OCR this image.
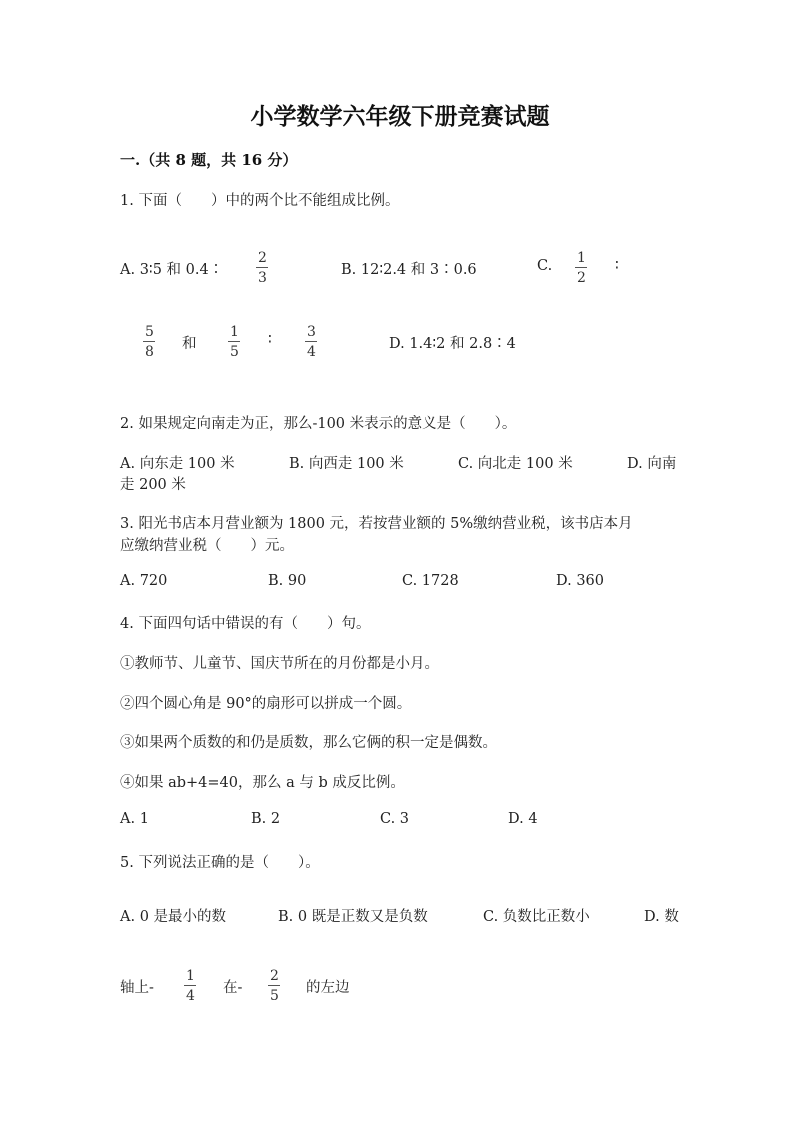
小学数学六年级下册竞赛试题
一.（共 8 题，共 16 分）
1. 下面（　　）中的两个比不能组成比例。
A. 3∶5 和 0.4∶
2
3	B. 12∶2.4 和 3∶0.6	C. 1
2
∶
5
8 和
1
5
∶	3
4	D. 1.4∶2 和 2.8∶4
2. 如果规定向南走为正，那么-100 米表示的意义是（　　）。
A. 向东走 100 米	B. 向西走 100 米	C. 向北走 100 米	D. 向南
走 200 米
3. 阳光书店本月营业额为 1800 元，若按营业额的 5%缴纳营业税，该书店本月
应缴纳营业税（　　）元。
A. 720	B. 90	C. 1728	D. 360
4. 下面四句话中错误的有（　　）句。
①教师节、儿童节、国庆节所在的月份都是小月。
②四个圆心角是 90°的扇形可以拼成一个圆。
③如果两个质数的和仍是质数，那么它俩的积一定是偶数。
④如果 ab+4=40，那么 a 与 b 成反比例。
A. 1	B. 2	C. 3	D. 4
5. 下列说法正确的是（　　）。
A. 0 是最小的数	B. 0 既是正数又是负数	C. 负数比正数小	D. 数
轴上-
1
4 在-
2
5 的左边
